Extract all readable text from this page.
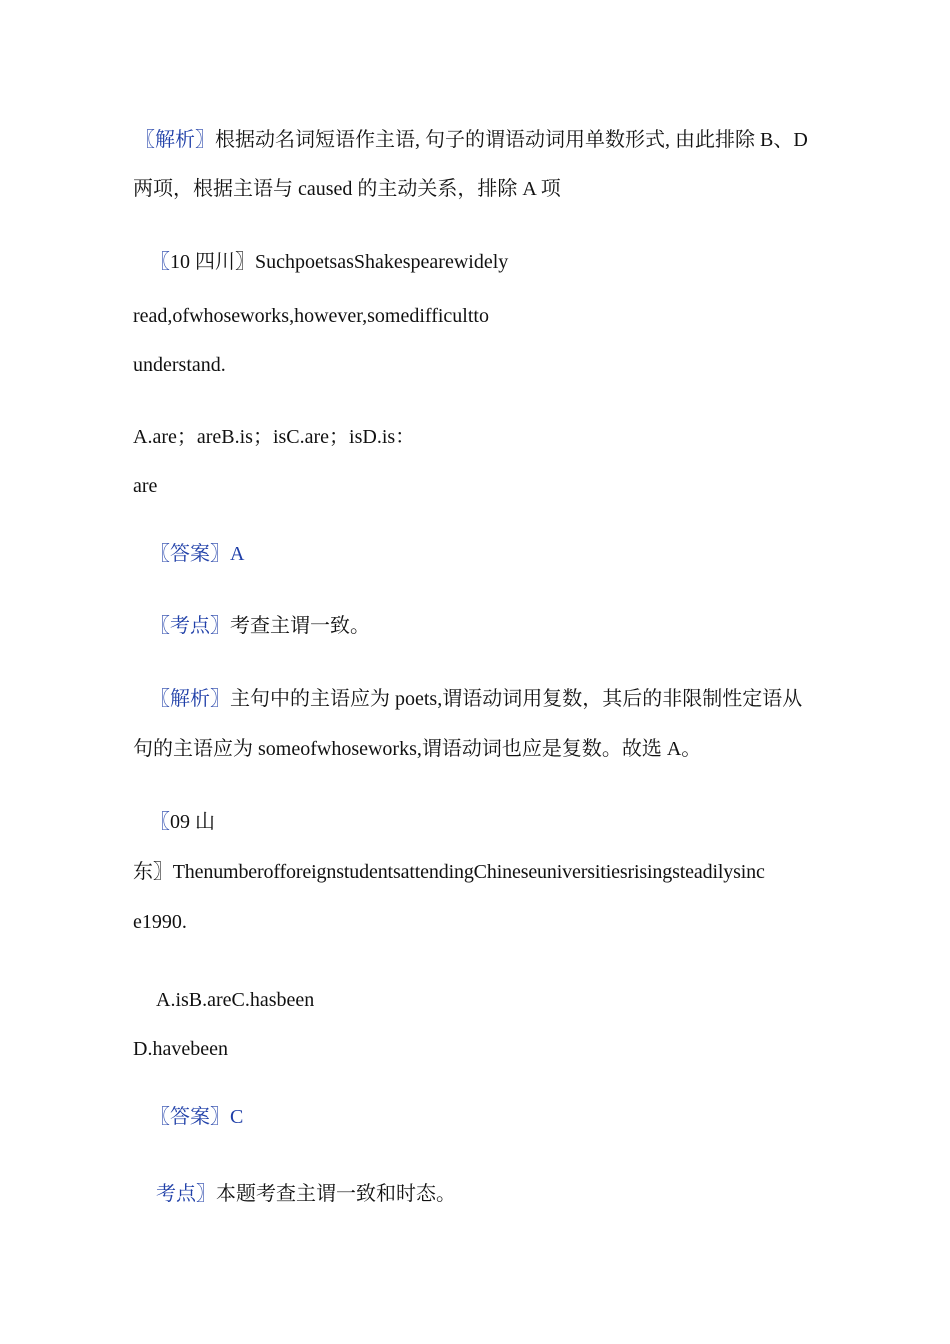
〖解析〗根据动名词短语作主语, 句子的谓语动词用单数形式, 由此排除 B、D
两项，根据主语与 caused 的主动关系，排除 A 项
〖10 四川〗SuchpoetsasShakespearewidely
read,ofwhoseworks,however,somedifficultto
understand.
A.are；areB.is；isC.are；isD.is：
are
〖答案〗A
〖考点〗考查主谓一致。
〖解析〗主句中的主语应为 poets,谓语动词用复数，其后的非限制性定语从
句的主语应为 someofwhoseworks,谓语动词也应是复数。故选 A。
〖09 山
东〗ThenumberofforeignstudentsattendingChineseuniversitiesrisingsteadilysinc
e1990.
A.isB.areC.hasbeen
D.havebeen
〖答案〗C
考点〗本题考查主谓一致和时态。
